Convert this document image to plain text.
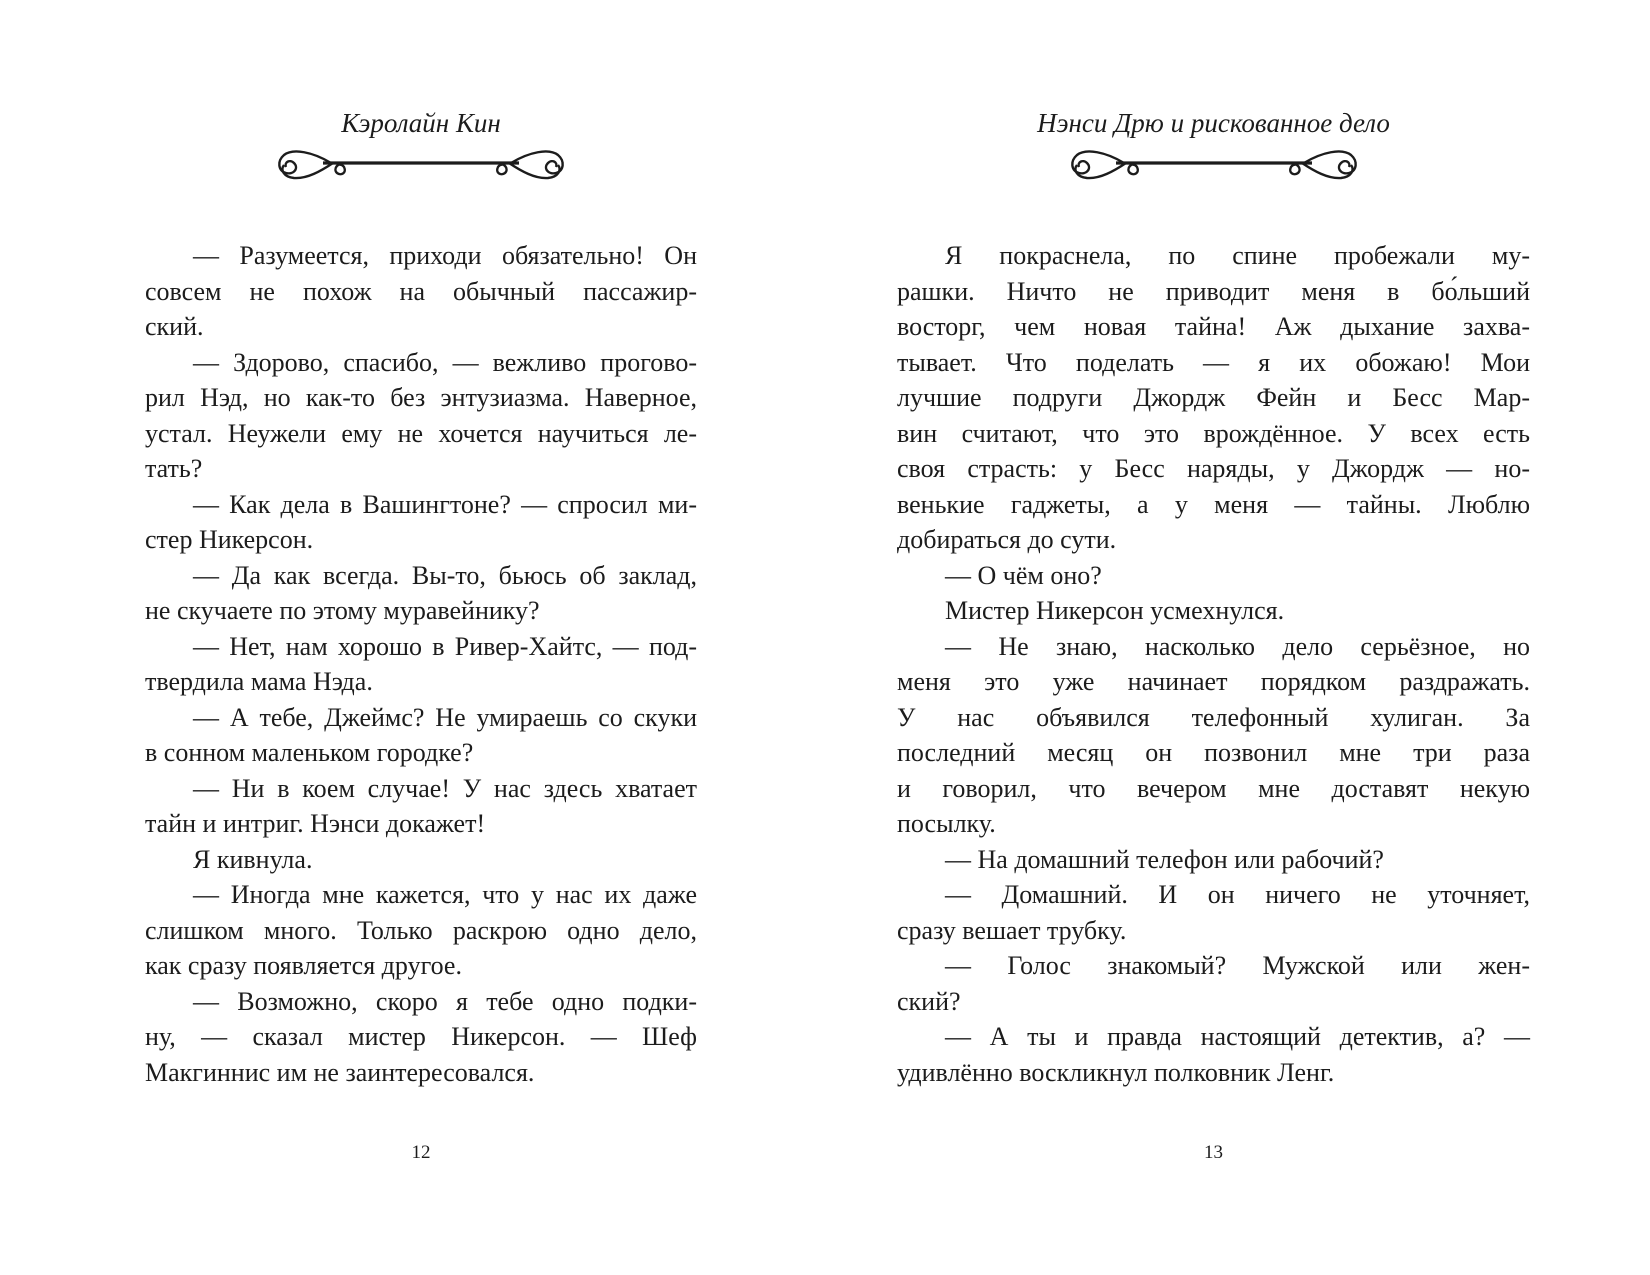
Кэролайн Кин
— Разумеется, приходи обязательно! Он
совсем не похож на обычный пассажир-
ский.
— Здорово, спасибо, — вежливо прогово-
рил Нэд, но как-то без энтузиазма. Наверное,
устал. Неужели ему не хочется научиться ле-
тать?
— Как дела в Вашингтоне? — спросил ми-
стер Никерсон.
— Да как всегда. Вы-то, бьюсь об заклад,
не скучаете по этому муравейнику?
— Нет, нам хорошо в Ривер-Хайтс, — под-
твердила мама Нэда.
— А тебе, Джеймс? Не умираешь со скуки
в сонном маленьком городке?
— Ни в коем случае! У нас здесь хватает
тайн и интриг. Нэнси докажет!
Я кивнула.
— Иногда мне кажется, что у нас их даже
слишком много. Только раскрою одно дело,
как сразу появляется другое.
— Возможно, скоро я тебе одно подки-
ну, — сказал мистер Никерсон. — Шеф
Макгиннис им не заинтересовался.
12
Нэнси Дрю и рискованное дело
Я покраснела, по спине пробежали му-
рашки. Ничто не приводит меня в бо́льший
восторг, чем новая тайна! Аж дыхание захва-
тывает. Что поделать — я их обожаю! Мои
лучшие подруги Джордж Фейн и Бесс Мар-
вин считают, что это врождённое. У всех есть
своя страсть: у Бесс наряды, у Джордж — но-
венькие гаджеты, а у меня — тайны. Люблю
добираться до сути.
— О чём оно?
Мистер Никерсон усмехнулся.
— Не знаю, насколько дело серьёзное, но
меня это уже начинает порядком раздражать.
У нас объявился телефонный хулиган. За
последний месяц он позвонил мне три раза
и говорил, что вечером мне доставят некую
посылку.
— На домашний телефон или рабочий?
— Домашний. И он ничего не уточняет,
сразу вешает трубку.
— Голос знакомый? Мужской или жен-
ский?
— А ты и правда настоящий детектив, а? —
удивлённо воскликнул полковник Ленг.
13
